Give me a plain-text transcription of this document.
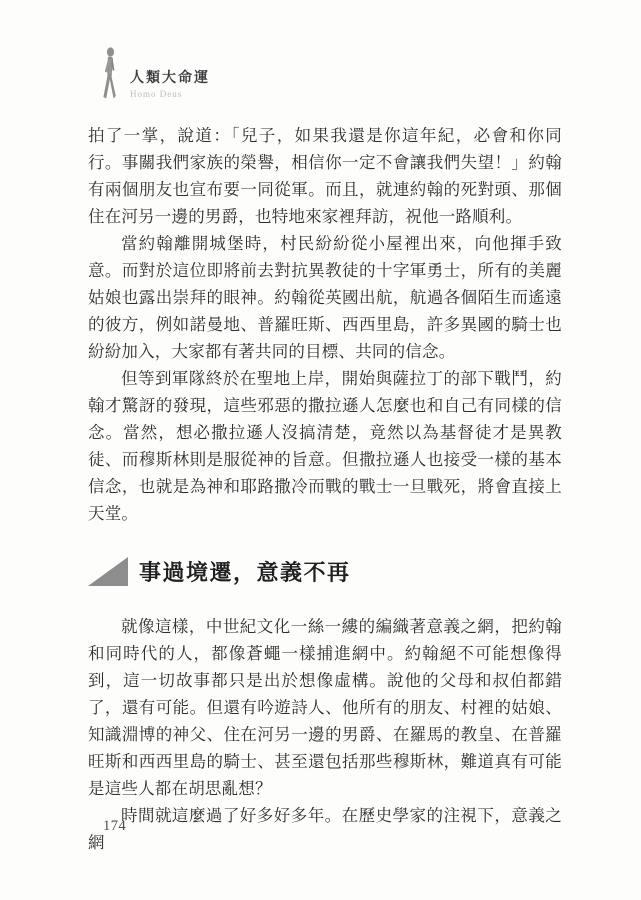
人類大命運
Homo Deus

拍了一掌，說道：「兒子，如果我還是你這年紀，必會和你同行。事關我們家族的榮譽，相信你一定不會讓我們失望！」約翰有兩個朋友也宣布要一同從軍。而且，就連約翰的死對頭、那個住在河另一邊的男爵，也特地來家裡拜訪，祝他一路順利。

當約翰離開城堡時，村民紛紛從小屋裡出來，向他揮手致意。而對於這位即將前去對抗異教徒的十字軍勇士，所有的美麗姑娘也露出崇拜的眼神。約翰從英國出航，航過各個陌生而遙遠的彼方，例如諾曼地、普羅旺斯、西西里島，許多異國的騎士也紛紛加入，大家都有著共同的目標、共同的信念。

但等到軍隊終於在聖地上岸，開始與薩拉丁的部下戰鬥，約翰才驚訝的發現，這些邪惡的撒拉遜人怎麼也和自己有同樣的信念。當然，想必撒拉遜人沒搞清楚，竟然以為基督徒才是異教徒、而穆斯林則是服從神的旨意。但撒拉遜人也接受一樣的基本信念，也就是為神和耶路撒冷而戰的戰士一旦戰死，將會直接上天堂。

事過境遷，意義不再

就像這樣，中世紀文化一絲一縷的編織著意義之網，把約翰和同時代的人，都像蒼蠅一樣捕進網中。約翰絕不可能想像得到，這一切故事都只是出於想像虛構。說他的父母和叔伯都錯了，還有可能。但還有吟遊詩人、他所有的朋友、村裡的姑娘、知識淵博的神父、住在河另一邊的男爵、在羅馬的教皇、在普羅旺斯和西西里島的騎士、甚至還包括那些穆斯林，難道真有可能是這些人都在胡思亂想？

時間就這麼過了好多好多年。在歷史學家的注視下，意義之網

174
